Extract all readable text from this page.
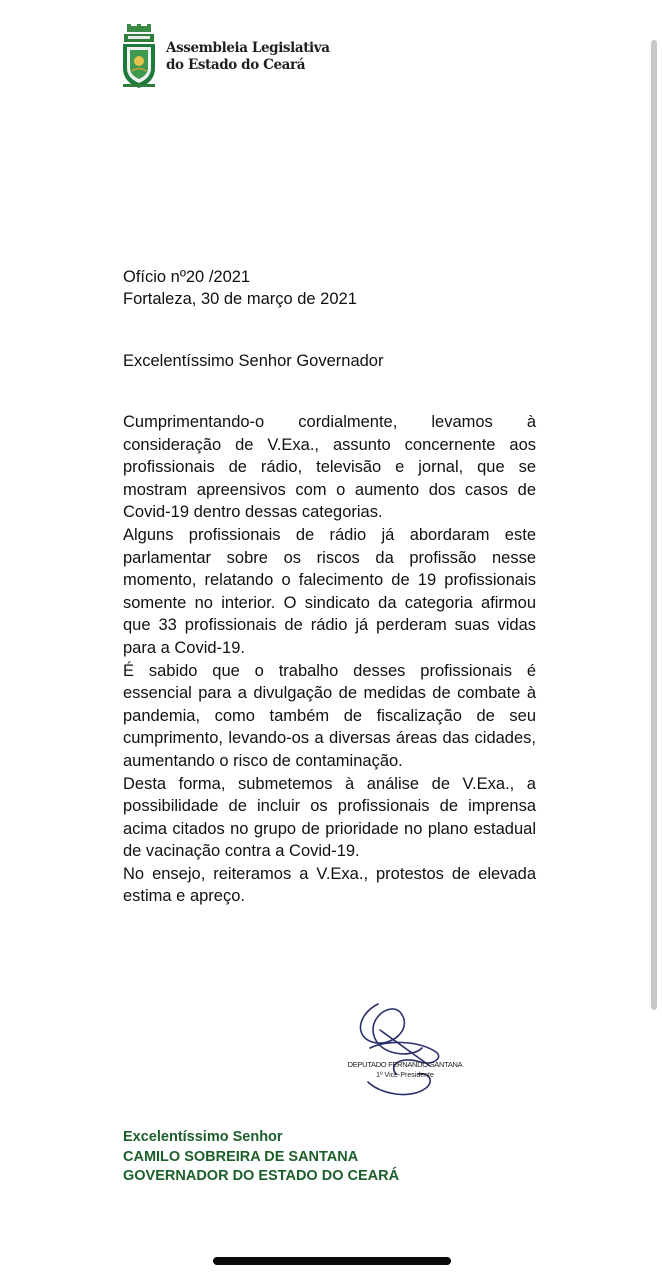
Assembleia Legislativa
do Estado do Ceará
Ofício nº20 /2021
Fortaleza, 30 de março de 2021
Excelentíssimo Senhor Governador

Cumprimentando-o cordialmente, levamos à consideração de V.Exa., assunto concernente aos profissionais de rádio, televisão e jornal, que se mostram apreensivos com o aumento dos casos de Covid-19 dentro dessas categorias.

Alguns profissionais de rádio já abordaram este parlamentar sobre os riscos da profissão nesse momento, relatando o falecimento de 19 profissionais somente no interior. O sindicato da categoria afirmou que 33 profissionais de rádio já perderam suas vidas para a Covid-19.

É sabido que o trabalho desses profissionais é essencial para a divulgação de medidas de combate à pandemia, como também de fiscalização de seu cumprimento, levando-os a diversas áreas das cidades, aumentando o risco de contaminação.

Desta forma, submetemos à análise de V.Exa., a possibilidade de incluir os profissionais de imprensa acima citados no grupo de prioridade no plano estadual de vacinação contra a Covid-19.

No ensejo, reiteramos a V.Exa., protestos de elevada estima e apreço.

DEPUTADO FERNANDO SANTANA
1º Vice-Presidente
Excelentíssimo Senhor
CAMILO SOBREIRA DE SANTANA
GOVERNADOR DO ESTADO DO CEARÁ
